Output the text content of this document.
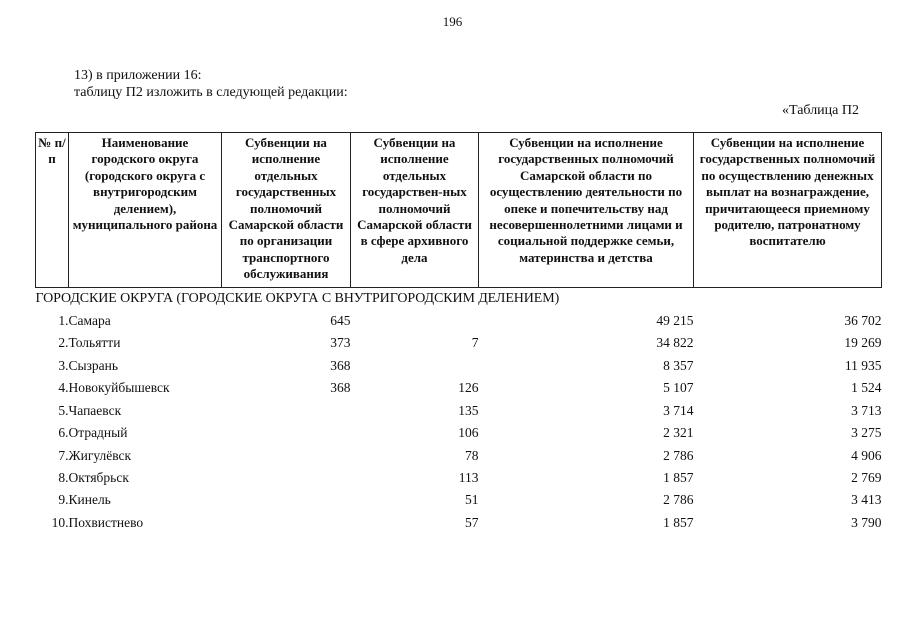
196
13) в приложении 16:
таблицу П2 изложить в следующей редакции:
«Таблица П2
№ п/п	Наименование городского округа (городского округа с внутригородским делением), муниципального района	Субвенции на исполнение отдельных государственных полномочий Самарской области по организации транспортного обслуживания	Субвенции на исполнение отдельных государствен-ных полномочий Самарской области в сфере архивного дела	Субвенции на исполнение государственных полномочий Самарской области по осуществлению деятельности по опеке и попечительству над несовершеннолетними лицами и социальной поддержке семьи, материнства и детства	Субвенции на исполнение государственных полномочий по осуществлению денежных выплат на вознаграждение, причитающееся приемному родителю, патронатному воспитателю
ГОРОДСКИЕ ОКРУГА (ГОРОДСКИЕ ОКРУГА С ВНУТРИГОРОДСКИМ ДЕЛЕНИЕМ)					
1.	Самара	645		49 215	36 702
2.	Тольятти	373	7	34 822	19 269
3.	Сызрань	368		8 357	11 935
4.	Новокуйбышевск	368	126	5 107	1 524
5.	Чапаевск		135	3 714	3 713
6.	Отрадный		106	2 321	3 275
7.	Жигулёвск		78	2 786	4 906
8.	Октябрьск		113	1 857	2 769
9.	Кинель		51	2 786	3 413
10.	Похвистнево		57	1 857	3 790
